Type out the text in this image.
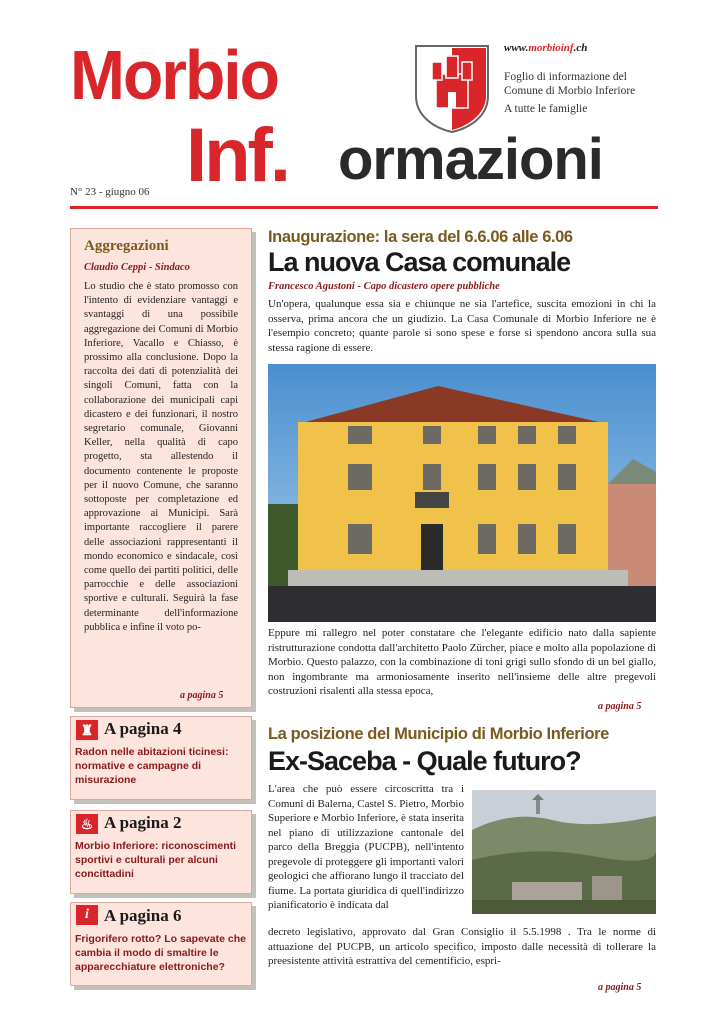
Morbio
Inf. ormazioni
www.morbioinf.ch
Foglio di informazione del
Comune di Morbio Inferiore
A tutte le famiglie
N° 23 - giugno 06
Aggregazioni
Claudio Ceppi - Sindaco
Lo studio che è stato promosso con l'intento di evidenziare vantaggi e svantaggi di una possibile aggregazione dei Comuni di Morbio Inferiore, Vacallo e Chiasso, è prossimo alla conclusione. Dopo la raccolta dei dati di potenzialità dei singoli Comuni, fatta con la collaborazione dei municipali capi dicastero e dei funzionari, il nostro segretario comunale, Giovanni Keller, nella qualità di capo progetto, sta allestendo il documento contenente le proposte per il nuovo Comune, che saranno sottoposte per completazione ed approvazione ai Municipi. Sarà importante raccogliere il parere delle associazioni rappresentanti il mondo economico e sindacale, così come quello dei partiti politici, delle parrocchie e delle associazioni sportive e culturali. Seguirà la fase determinante dell'informazione pubblica e infine il voto po-
a pagina 5
♜ A pagina 4
Radon nelle abitazioni ticinesi: normative e campagne di misurazione
♨ A pagina 2
Morbio Inferiore: riconoscimenti sportivi e culturali per alcuni concittadini
i A pagina 6
Frigorifero rotto? Lo sapevate che cambia il modo di smaltire le apparecchiature elettroniche?
Inaugurazione: la sera del 6.6.06 alle 6.06
La nuova Casa comunale
Francesco Agustoni - Capo dicastero opere pubbliche
Un'opera, qualunque essa sia e chiunque ne sia l'artefice, suscita emozioni in chi la osserva, prima ancora che un giudizio. La Casa Comunale di Morbio Inferiore ne è l'esempio concreto; quante parole si sono spese e forse si spendono ancora sulla sua stessa ragione di essere.
Eppure mi rallegro nel poter constatare che l'elegante edificio nato dalla sapiente ristrutturazione condotta dall'architetto Paolo Zürcher, piace e molto alla popolazione di Morbio. Questo palazzo, con la combinazione di toni grigi sullo sfondo di un bel giallo, non ingombrante ma armoniosamente inserito nell'insieme delle altre pregevoli costruzioni risalenti alla stessa epoca,
a pagina 5
La posizione del Municipio di Morbio Inferiore
Ex-Saceba - Quale futuro?
L'area che può essere circoscritta tra i Comuni di Balerna, Castel S. Pietro, Morbio Superiore e Morbio Inferiore, è stata inserita nel piano di utilizzazione cantonale del parco della Breggia (PUCPB), nell'intento pregevole di proteggere gli importanti valori geologici che affiorano lungo il tracciato del fiume. La portata giuridica di quell'indirizzo pianificatorio è indicata dal
decreto legislativo, approvato dal Gran Consiglio il 5.5.1998 . Tra le norme di attuazione del PUCPB, un articolo specifico, imposto dalle necessità di tollerare la preesistente attività estrattiva del cementificio, espri-
a pagina 5
